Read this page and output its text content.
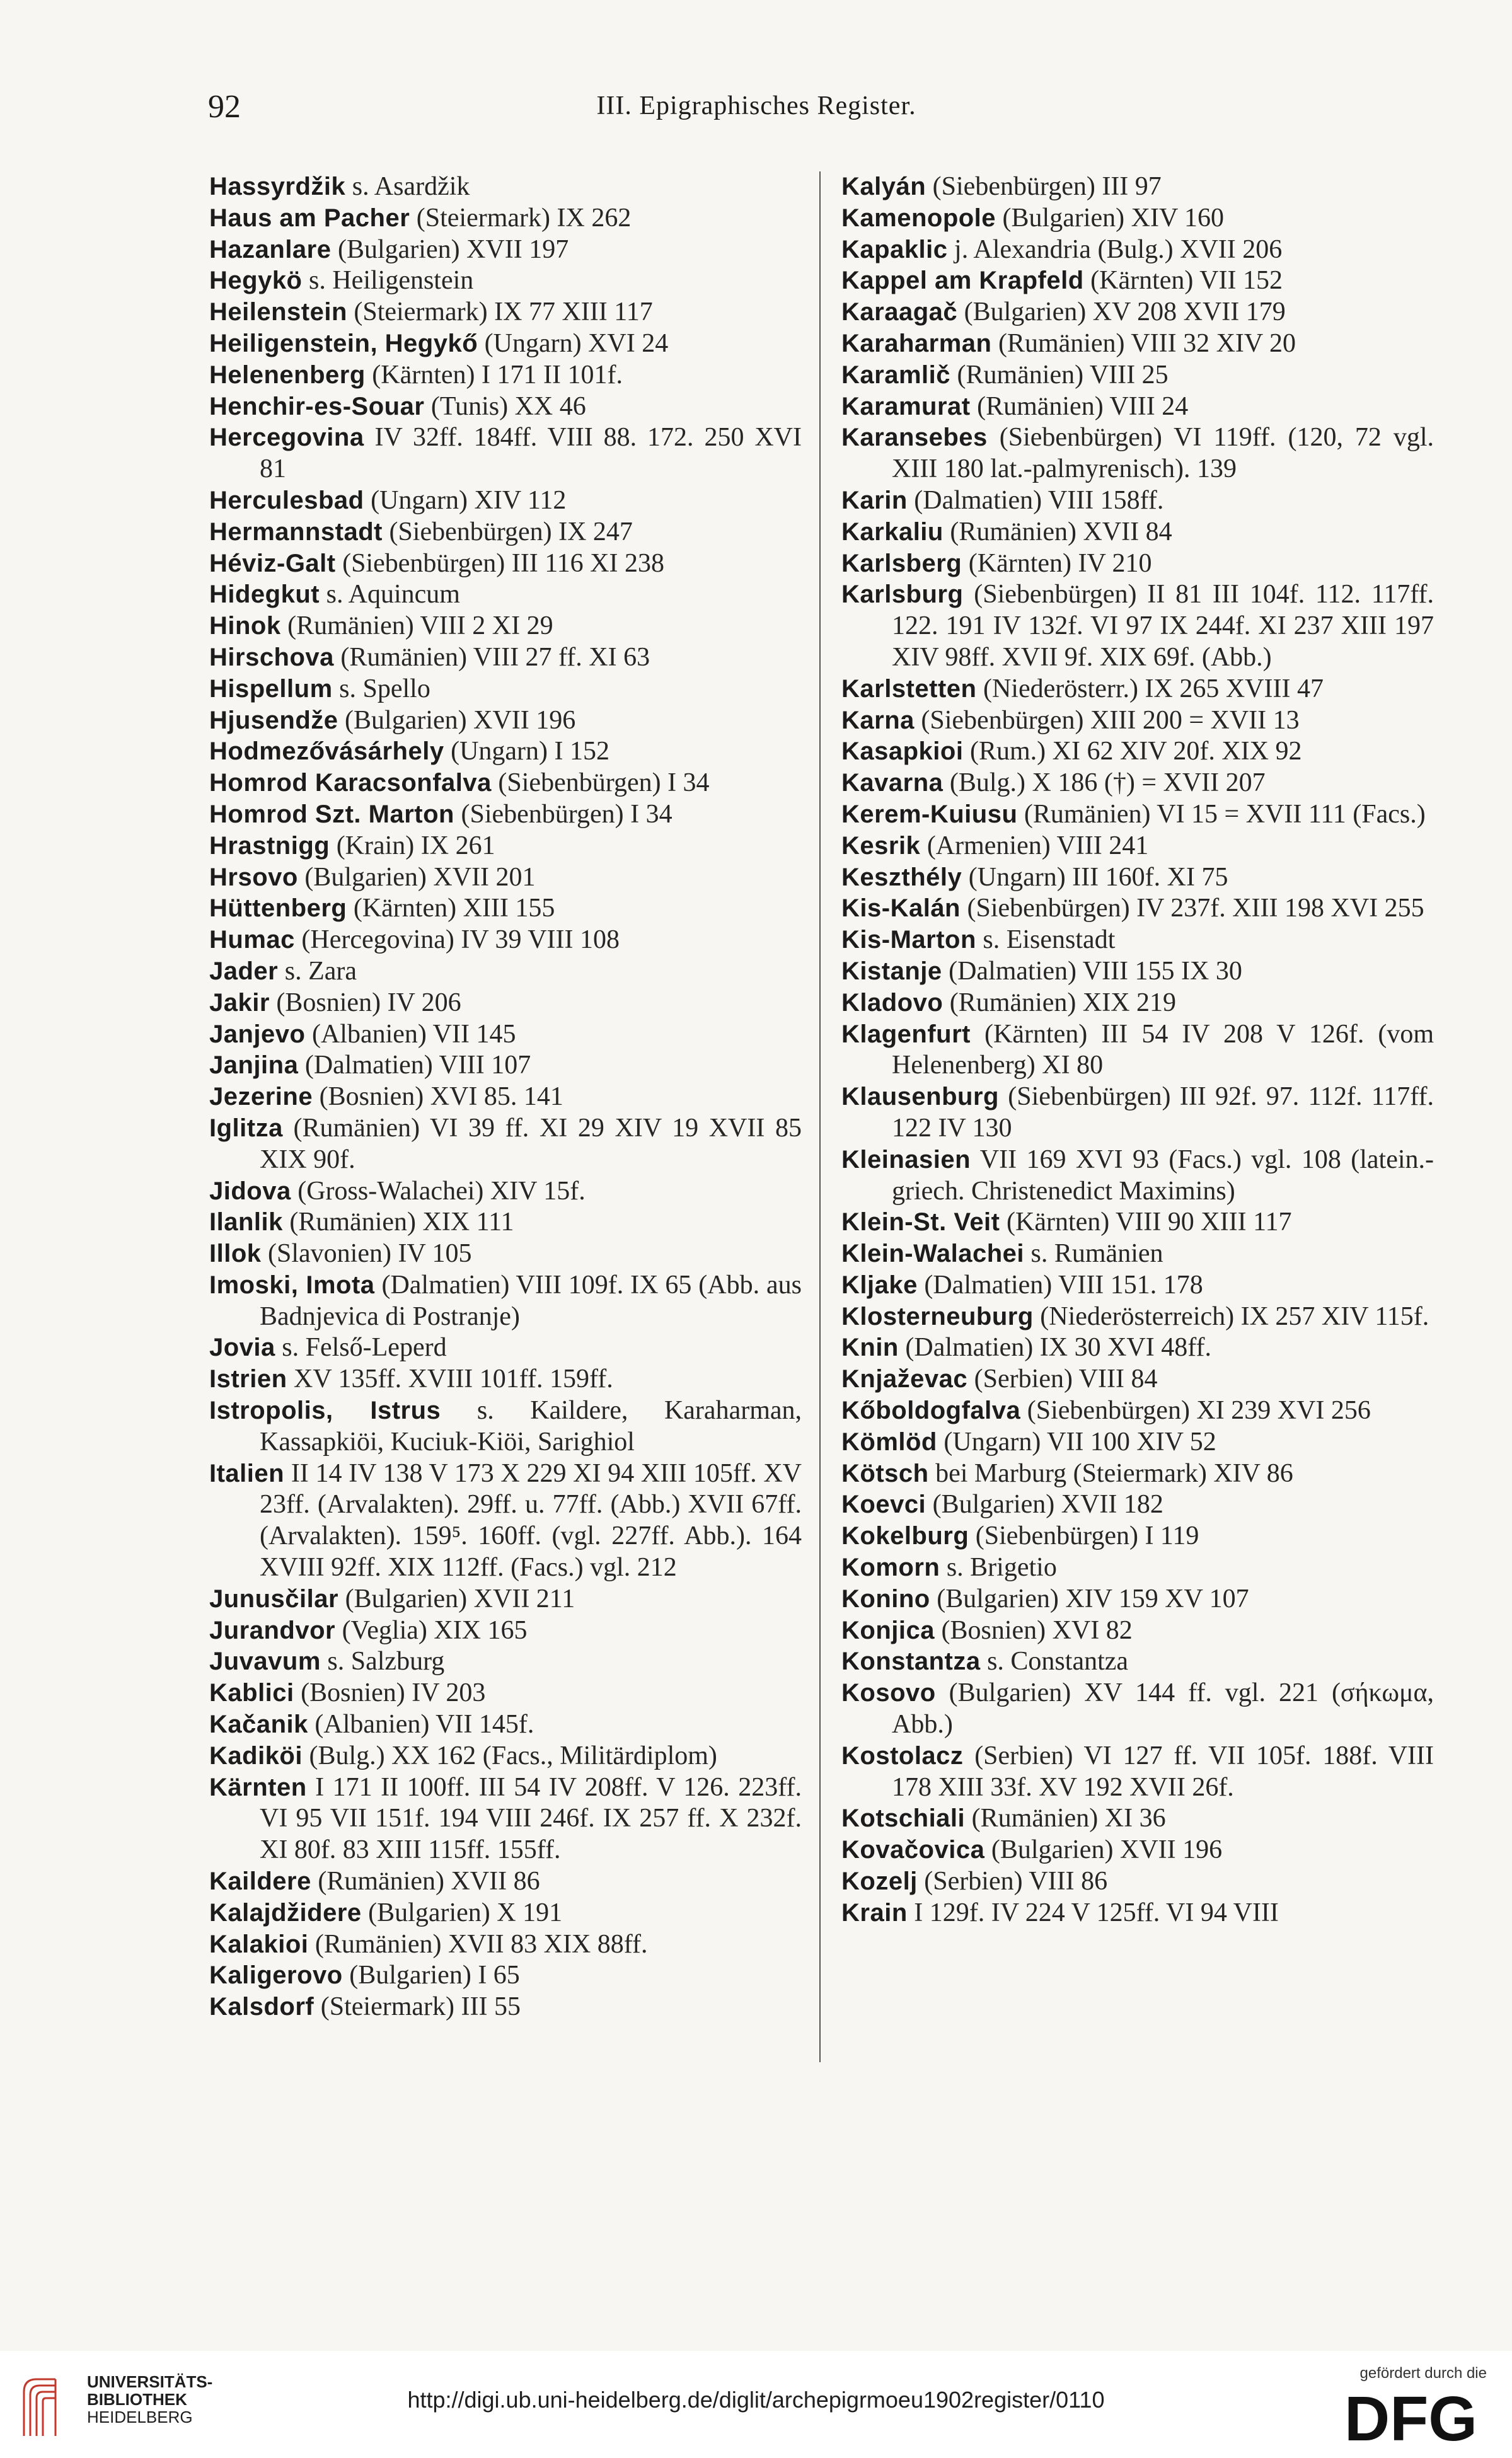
92	III. Epigraphisches Register.
Hassyrdžik s. Asardžik
Haus am Pacher (Steiermark) IX 262
Hazanlare (Bulgarien) XVII 197
Hegykö s. Heiligenstein
Heilenstein (Steiermark) IX 77 XIII 117
Heiligenstein, Hegykő (Ungarn) XVI 24
Helenenberg (Kärnten) I 171 II 101f.
Henchir-es-Souar (Tunis) XX 46
Hercegovina IV 32ff. 184ff. VIII 88. 172. 250 XVI 81
Herculesbad (Ungarn) XIV 112
Hermannstadt (Siebenbürgen) IX 247
Héviz-Galt (Siebenbürgen) III 116 XI 238
Hidegkut s. Aquincum
Hinok (Rumänien) VIII 2 XI 29
Hirschova (Rumänien) VIII 27 ff. XI 63
Hispellum s. Spello
Hjusendže (Bulgarien) XVII 196
Hodmezővásárhely (Ungarn) I 152
Homrod Karacsonfalva (Siebenbürgen) I 34
Homrod Szt. Marton (Siebenbürgen) I 34
Hrastnigg (Krain) IX 261
Hrsovo (Bulgarien) XVII 201
Hüttenberg (Kärnten) XIII 155
Humac (Hercegovina) IV 39 VIII 108
Jader s. Zara
Jakir (Bosnien) IV 206
Janjevo (Albanien) VII 145
Janjina (Dalmatien) VIII 107
Jezerine (Bosnien) XVI 85. 141
Iglitza (Rumänien) VI 39 ff. XI 29 XIV 19 XVII 85 XIX 90f.
Jidova (Gross-Walachei) XIV 15f.
Ilanlik (Rumänien) XIX 111
Illok (Slavonien) IV 105
Imoski, Imota (Dalmatien) VIII 109f. IX 65 (Abb. aus Badnjevica di Postranje)
Jovia s. Felső-Leperd
Istrien XV 135ff. XVIII 101ff. 159ff.
Istropolis, Istrus s. Kaildere, Karaharman, Kassapkiöi, Kuciuk-Kiöi, Sarighiol
Italien II 14 IV 138 V 173 X 229 XI 94 XIII 105ff. XV 23ff. (Arvalakten). 29ff. u. 77ff. (Abb.) XVII 67ff. (Arvalakten). 159⁵. 160ff. (vgl. 227ff. Abb.). 164 XVIII 92ff. XIX 112ff. (Facs.) vgl. 212
Junusčilar (Bulgarien) XVII 211
Jurandvor (Veglia) XIX 165
Juvavum s. Salzburg
Kablici (Bosnien) IV 203
Kačanik (Albanien) VII 145f.
Kadiköi (Bulg.) XX 162 (Facs., Militärdiplom)
Kärnten I 171 II 100ff. III 54 IV 208ff. V 126. 223ff. VI 95 VII 151f. 194 VIII 246f. IX 257 ff. X 232f. XI 80f. 83 XIII 115ff. 155ff.
Kaildere (Rumänien) XVII 86
Kalajdžidere (Bulgarien) X 191
Kalakioi (Rumänien) XVII 83 XIX 88ff.
Kaligerovo (Bulgarien) I 65
Kalsdorf (Steiermark) III 55
Kalyán (Siebenbürgen) III 97
Kamenopole (Bulgarien) XIV 160
Kapaklic j. Alexandria (Bulg.) XVII 206
Kappel am Krapfeld (Kärnten) VII 152
Karaagač (Bulgarien) XV 208 XVII 179
Karaharman (Rumänien) VIII 32 XIV 20
Karamlič (Rumänien) VIII 25
Karamurat (Rumänien) VIII 24
Karansebes (Siebenbürgen) VI 119ff. (120, 72 vgl. XIII 180 lat.-palmyrenisch). 139
Karin (Dalmatien) VIII 158ff.
Karkaliu (Rumänien) XVII 84
Karlsberg (Kärnten) IV 210
Karlsburg (Siebenbürgen) II 81 III 104f. 112. 117ff. 122. 191 IV 132f. VI 97 IX 244f. XI 237 XIII 197 XIV 98ff. XVII 9f. XIX 69f. (Abb.)
Karlstetten (Niederösterr.) IX 265 XVIII 47
Karna (Siebenbürgen) XIII 200 = XVII 13
Kasapkioi (Rum.) XI 62 XIV 20f. XIX 92
Kavarna (Bulg.) X 186 (†) = XVII 207
Kerem-Kuiusu (Rumänien) VI 15 = XVII 111 (Facs.)
Kesrik (Armenien) VIII 241
Keszthély (Ungarn) III 160f. XI 75
Kis-Kalán (Siebenbürgen) IV 237f. XIII 198 XVI 255
Kis-Marton s. Eisenstadt
Kistanje (Dalmatien) VIII 155 IX 30
Kladovo (Rumänien) XIX 219
Klagenfurt (Kärnten) III 54 IV 208 V 126f. (vom Helenenberg) XI 80
Klausenburg (Siebenbürgen) III 92f. 97. 112f. 117ff. 122 IV 130
Kleinasien VII 169 XVI 93 (Facs.) vgl. 108 (latein.-griech. Christenedict Maximins)
Klein-St. Veit (Kärnten) VIII 90 XIII 117
Klein-Walachei s. Rumänien
Kljake (Dalmatien) VIII 151. 178
Klosterneuburg (Niederösterreich) IX 257 XIV 115f.
Knin (Dalmatien) IX 30 XVI 48ff.
Knjaževac (Serbien) VIII 84
Kőboldogfalva (Siebenbürgen) XI 239 XVI 256
Kömlöd (Ungarn) VII 100 XIV 52
Kötsch bei Marburg (Steiermark) XIV 86
Koevci (Bulgarien) XVII 182
Kokelburg (Siebenbürgen) I 119
Komorn s. Brigetio
Konino (Bulgarien) XIV 159 XV 107
Konjica (Bosnien) XVI 82
Konstantza s. Constantza
Kosovo (Bulgarien) XV 144 ff. vgl. 221 (σήκωμα, Abb.)
Kostolacz (Serbien) VI 127 ff. VII 105f. 188f. VIII 178 XIII 33f. XV 192 XVII 26f.
Kotschiali (Rumänien) XI 36
Kovačovica (Bulgarien) XVII 196
Kozelj (Serbien) VIII 86
Krain I 129f. IV 224 V 125ff. VI 94 VIII
UNIVERSITÄTS-
BIBLIOTHEK
HEIDELBERG
http://digi.ub.uni-heidelberg.de/diglit/archepigrmoeu1902register/0110
gefördert durch die
DFG
